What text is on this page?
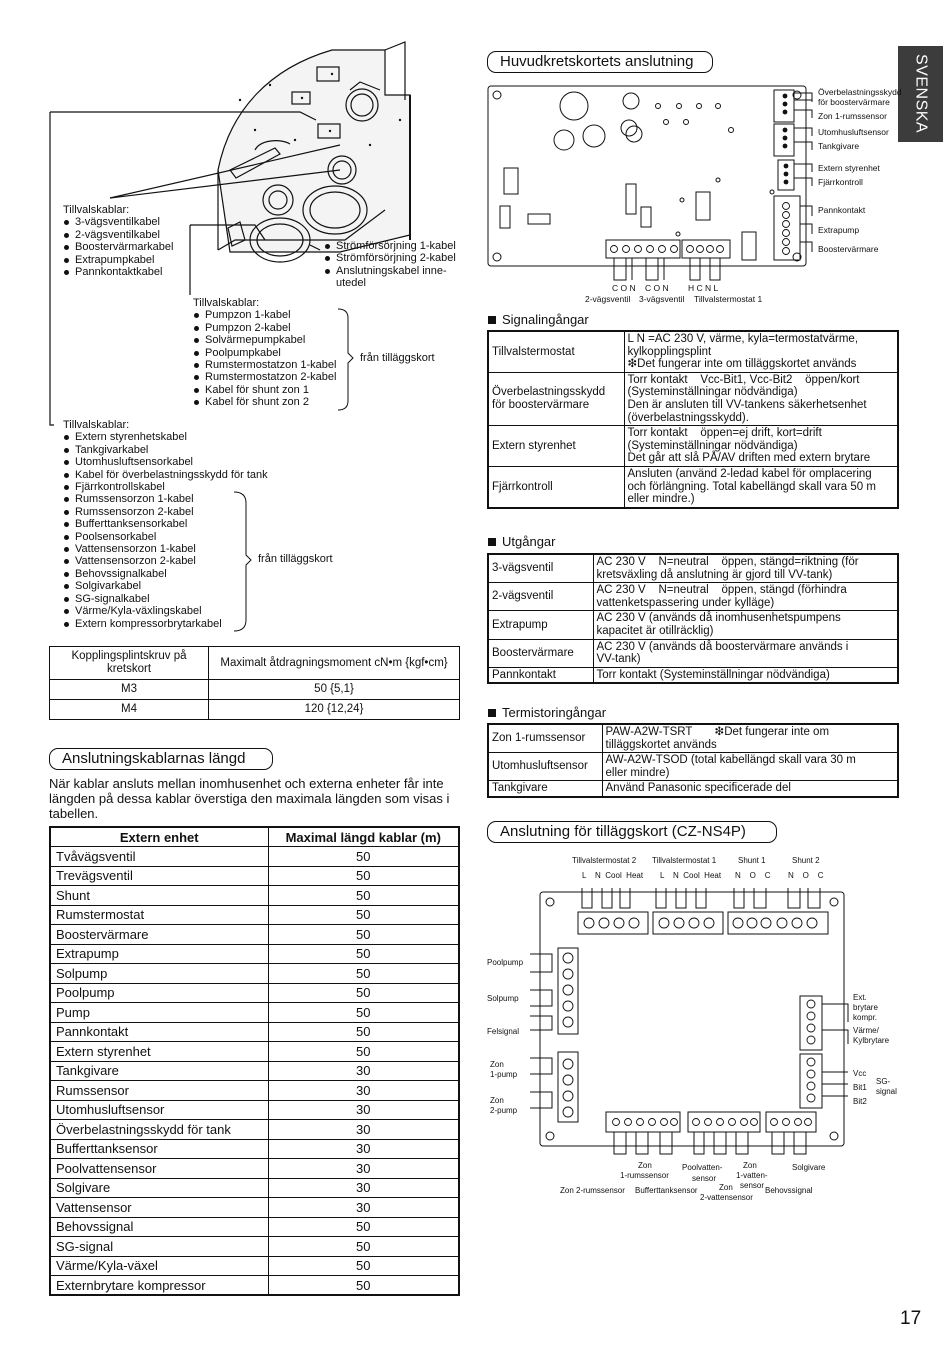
SVENSKA
Tillvalskablar:
3-vägsventilkabel
2-vägsventilkabel
Boostervärmarkabel
Extrapumpkabel
Pannkontaktkabel
Strömförsörjning 1-kabel
Strömförsörjning 2-kabel
Anslutningskabel inne-
utedel
Tillvalskablar:
Pumpzon 1-kabel
Pumpzon 2-kabel
Solvärmepumpkabel
Poolpumpkabel
Rumstermostatzon 1-kabel
Rumstermostatzon 2-kabel
Kabel för shunt zon 1
Kabel för shunt zon 2
från tilläggskort
Tillvalskablar:
Extern styrenhetskabel
Tankgivarkabel
Utomhusluftsensorkabel
Kabel för överbelastningsskydd för tank
Fjärrkontrollskabel
Rumssensorzon 1-kabel
Rumssensorzon 2-kabel
Bufferttanksensorkabel
Poolsensorkabel
Vattensensorzon 1-kabel
Vattensensorzon 2-kabel
Behovssignalkabel
Solgivarkabel
SG-signalkabel
Värme/Kyla-växlingskabel
Extern kompressorbrytarkabel
från tilläggskort
Kopplingsplintskruv på kretskort	Maximalt åtdragningsmoment cN•m {kgf•cm}
M3	50 {5,1}
M4	120 {12,24}
Anslutningskablarnas längd
När kablar ansluts mellan inomhusenhet och externa enheter får inte längden på dessa kablar överstiga den maximala längden som visas i tabellen.
Extern enhet	Maximal längd kablar (m)

Tvåvägsventil	50

Trevägsventil	50

Shunt	50

Rumstermostat	50

Boostervärmare	50

Extrapump	50

Solpump	50

Poolpump	50

Pump	50

Pannkontakt	50

Extern styrenhet	50

Tankgivare	30

Rumssensor	30

Utomhusluftsensor	30

Överbelastningsskydd för tank	30

Bufferttanksensor	30

Poolvattensensor	30

Solgivare	30

Vattensensor	30

Behovssignal	50

SG-signal	50

Värme/Kyla-växel	50

Externbrytare kompressor	50
Huvudkretskortets anslutning
Överbelastningsskydd
för boostervärmare
Zon 1-rumssensor
Utomhusluftsensor
Tankgivare
Extern styrenhet
Fjärrkontroll
Pannkontakt
Extrapump
Boostervärmare
C O N C O N H C N L
2-vägsventil 3-vägsventil Tillvalstermostat 1
Signalingångar
Tillvalstermostat	L N =AC 230 V, värme, kyla=termostatvärme,
kylkopplingsplint
❇Det fungerar inte om tilläggskortet används

Överbelastningsskydd för boostervärmare	Torr kontakt    Vcc-Bit1, Vcc-Bit2    öppen/kort
(Systeminställningar nödvändiga)
Den är ansluten till VV-tankens säkerhetsenhet
(överbelastningsskydd).

Extern styrenhet	Torr kontakt    öppen=ej drift, kort=drift
(Systeminställningar nödvändiga)
Det går att slå PÅ/AV driften med extern brytare

Fjärrkontroll	Ansluten (använd 2-ledad kabel för omplacering
och förlängning. Total kabellängd skall vara 50 m
eller mindre.)
Utgångar
3-vägsventil	AC 230 V    N=neutral    öppen, stängd=riktning (för
kretsväxling då anslutning är gjord till VV-tank)

2-vägsventil	AC 230 V    N=neutral    öppen, stängd (förhindra
vattenketspassering under kylläge)

Extrapump	AC 230 V (används då inomhusenhetspumpens
kapacitet är otillräcklig)

Boostervärmare	AC 230 V (används då boostervärmare används i
VV-tank)

Pannkontakt	Torr kontakt (Systeminställningar nödvändiga)
Termistoringångar
Zon 1-rumssensor	PAW-A2W-TSRT       ❇Det fungerar inte om
tilläggskortet används

Utomhusluftsensor	AW-A2W-TSOD (total kabellängd skall vara 30 m
eller mindre)

Tankgivare	Använd Panasonic specificerade del
Anslutning för tilläggskort (CZ-NS4P)
Tillvalstermostat 2 Tillvalstermostat 1	Shunt 1	Shunt 2
L    N  Cool  Heat L    N  Cool  Heat N    O    C N    O    C
Poolpump
Solpump
Felsignal
Zon
1-pump
Zon
2-pump
Ext.
brytare
kompr.
Värme/
Kylbrytare
Vcc
Bit1
Bit2
SG-
signal
Zon
1-rumssensor
Poolvatten-
sensor
Zon
1-vatten-
sensor
Solgivare
Zon 2-rumssensor Bufferttanksensor	Zon
2-vattensensor
Behovssignal
17
